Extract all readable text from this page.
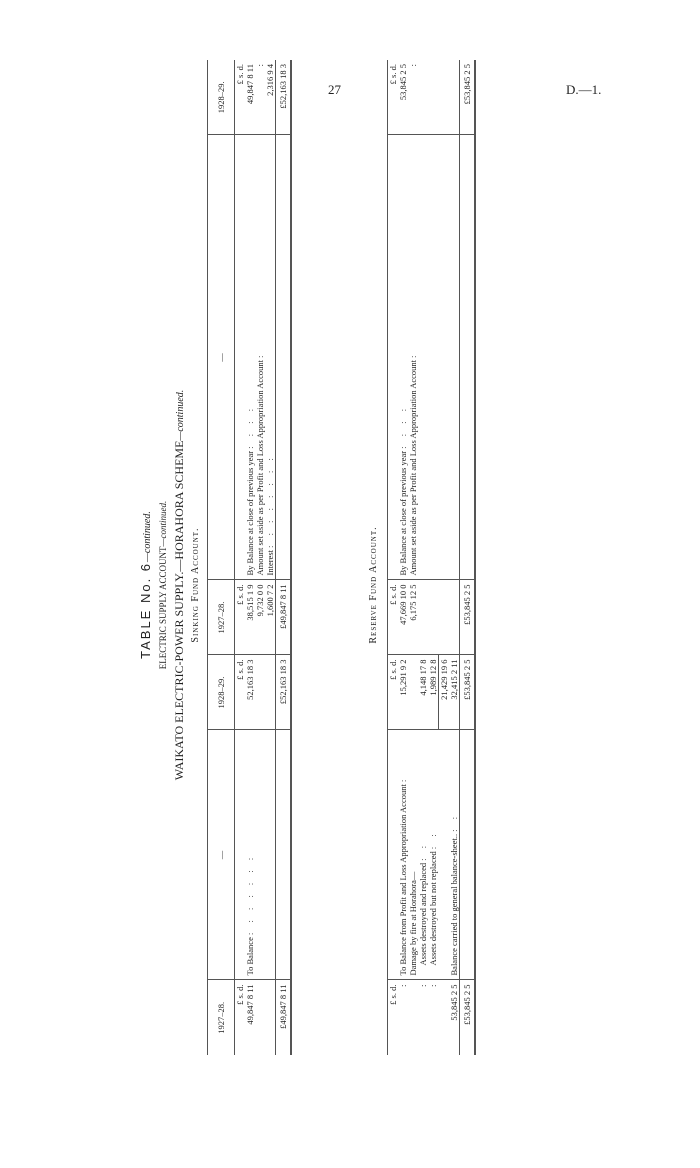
27	D.—1.
TABLE No. 6—continued.
ELECTRIC SUPPLY ACCOUNT—continued. WAIKATO ELECTRIC-POWER SUPPLY.—HORAHORA SCHEME—continued.
Sinking Fund Account.
1927–28.	—	1928–29.	1927–28.	—	1928–29.
£ s. d.		£ s. d.	£ s. d.		£ s. d.
49,847 8 11	To Balance : : : : : : :	52,163 18 3	38,515 1 9	By Balance at close of previous year : : : :	49,847 8 11
			9,732 0 0	Amount set aside as per Profit and Loss Appropriation Account :	:
			1,600 7 2	Interest : : : : : : : :	2,316 9 4
£49,847 8 11		£52,163 18 3	£49,847 8 11		£52,163 18 3
Reserve Fund Account.
£ s. d.		£ s. d.	£ s. d.		£ s. d.
:	To Balance from Profit and Loss Appropriation Account :	15,291 9 2	47,669 10 0	By Balance at close of previous year : : : :	53,845 2 5
	Damage by fire at Horahora—		6,175 12 5	Amount set aside as per Profit and Loss Appropriation Account :	:
:	Assets destroyed and replaced : :	4,148 17 8			
:	Assets destroyed but not replaced : :	1,989 12 8			
		21,429 19 6			
53,845 2 5	Balance carried to general balance-sheet.. : :	32,415 2 11			
£53,845 2 5		£53,845 2 5	£53,845 2 5		£53,845 2 5
